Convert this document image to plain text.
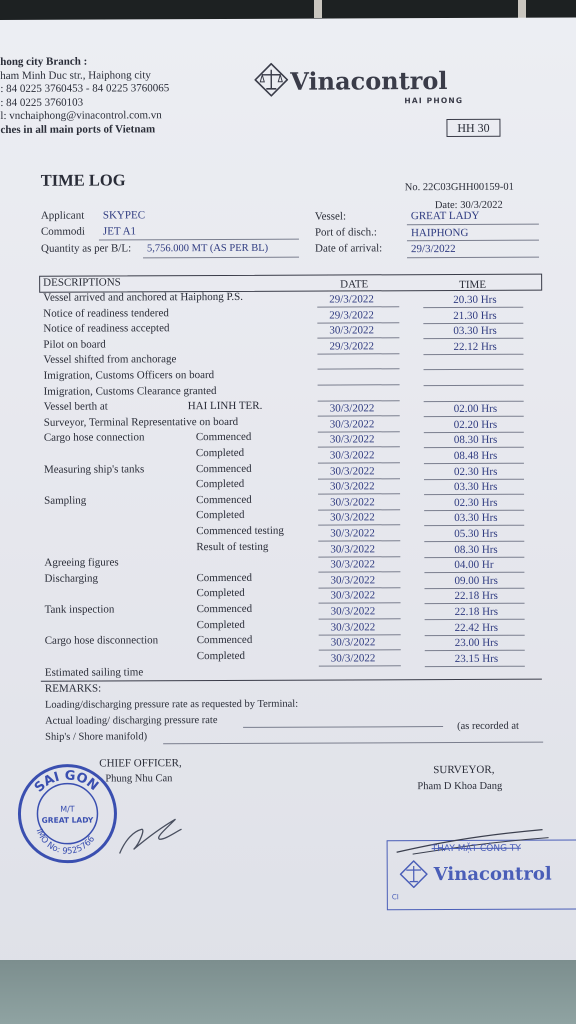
hong city Branch :
ham Minh Duc str., Haiphong city
: 84 0225 3760453 - 84 0225 3760065
: 84 0225 3760103
l: vnchaiphong@vinacontrol.com.vn
ches in all main ports of Vietnam
Vinacontrol
HAI PHONG
HH 30
TIME LOG	No. 22C03GHH00159-01
Date: 30/3/2022
Applicant SKYPEC
Commodi JET A1
Quantity as per B/L: 5,756.000 MT (AS PER BL)
Vessel:	GREAT LADY
Port of disch.:	HAIPHONG
Date of arrival:	29/3/2022
DESCRIPTIONS	DATE	TIME
Vessel arrived and anchored at Haiphong P.S.	29/3/2022	20.30 Hrs
Notice of readiness tendered	29/3/2022	21.30 Hrs
Notice of readiness accepted	30/3/2022	03.30 Hrs
Pilot on board	29/3/2022	22.12 Hrs
Vessel shifted from anchorage
Imigration, Customs Officers on board
Imigration, Customs Clearance granted
Vessel berth at	HAI LINH TER.	30/3/2022	02.00 Hrs
Surveyor, Terminal Representative on board	30/3/2022	02.20 Hrs
Cargo hose connection	Commenced	30/3/2022	08.30 Hrs
Completed	30/3/2022	08.48 Hrs
Measuring ship's tanks	Commenced	30/3/2022	02.30 Hrs
Completed	30/3/2022	03.30 Hrs
Sampling	Commenced	30/3/2022	02.30 Hrs
Completed	30/3/2022	03.30 Hrs
Commenced testing	30/3/2022	05.30 Hrs
Result of testing	30/3/2022	08.30 Hrs
Agreeing figures	30/3/2022	04.00 Hr
Discharging	Commenced	30/3/2022	09.00 Hrs
Completed	30/3/2022	22.18 Hrs
Tank inspection	Commenced	30/3/2022	22.18 Hrs
Completed	30/3/2022	22.42 Hrs
Cargo hose disconnection	Commenced	30/3/2022	23.00 Hrs
Completed	30/3/2022	23.15 Hrs
Estimated sailing time
REMARKS:
Loading/discharging pressure rate as requested by Terminal:
Actual loading/ discharging pressure rate	(as recorded at
Ship's / Shore manifold)
CHIEF OFFICER,
Phung Nhu Can
SURVEYOR,
Pham D Khoa Dang
SAI GON
M/T
GREAT LADY
IMO No: 9525766
THAY MẶT CÔNG TY
Vinacontrol
CI
